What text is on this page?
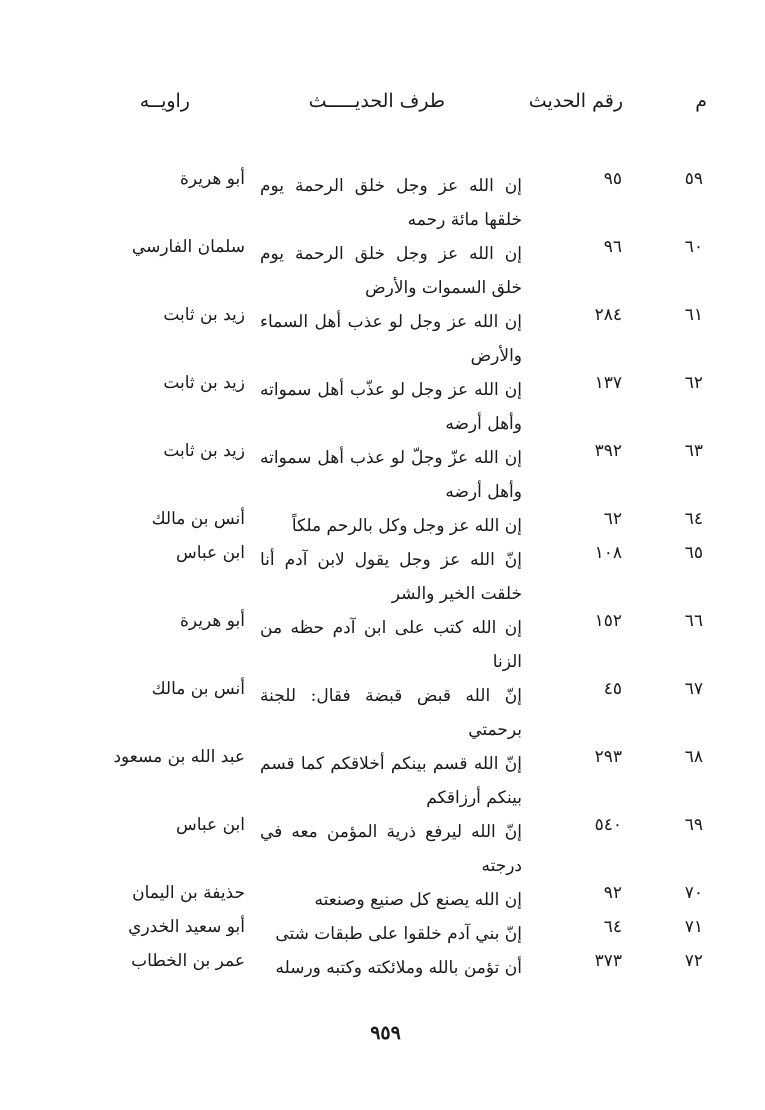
م
رقم الحديث
طرف الحديـــــث
راويــه
٥٩
٩٥
إن الله عز وجل خلق الرحمة يوم خلقها مائة رحمه
أبو هريرة
٦٠
٩٦
إن الله عز وجل خلق الرحمة يوم خلق السموات والأرض
سلمان الفارسي
٦١
٢٨٤
إن الله عز وجل لو عذب أهل السماء والأرض
زيد بن ثابت
٦٢
١٣٧
إن الله عز وجل لو عذّب أهل سمواته وأهل أرضه
زيد بن ثابت
٦٣
٣٩٢
إن الله عزّ وجلّ لو عذب أهل سمواته وأهل أرضه
زيد بن ثابت
٦٤
٦٢
إن الله عز وجل وكل بالرحم ملكاً
أنس بن مالك
٦٥
١٠٨
إنّ الله عز وجل يقول لابن آدم أنا خلقت الخير والشر
ابن عباس
٦٦
١٥٢
إن الله كتب على ابن آدم حظه من الزنا
أبو هريرة
٦٧
٤٥
إنّ الله قبض قبضة فقال: للجنة برحمتي
أنس بن مالك
٦٨
٢٩٣
إنّ الله قسم بينكم أخلاقكم كما قسم بينكم أرزاقكم
عبد الله بن مسعود
٦٩
٥٤٠
إنّ الله ليرفع ذرية المؤمن معه في درجته
ابن عباس
٧٠
٩٢
إن الله يصنع كل صنيع وصنعته
حذيفة بن اليمان
٧١
٦٤
إنّ بني آدم خلقوا على طبقات شتى
أبو سعيد الخدري
٧٢
٣٧٣
أن تؤمن بالله وملائكته وكتبه ورسله
عمر بن الخطاب
٩٥٩
